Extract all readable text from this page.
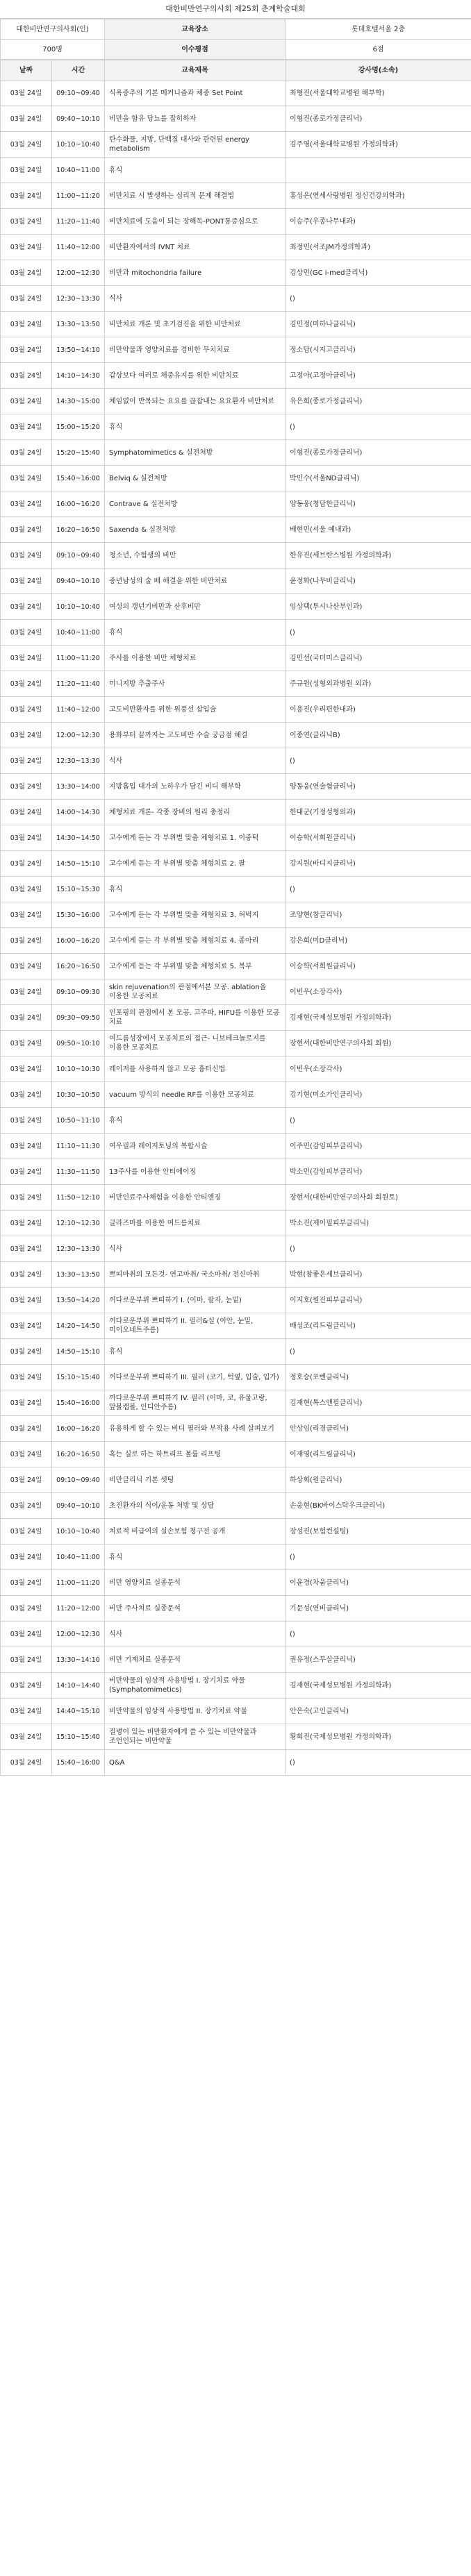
대한비만연구의사회 제25회 춘계학술대회
대한비만연구의사회(인)	교육장소	롯데호텔서울 2층
700명	이수평점	6점
날짜	시간	교육제목	강사명(소속)
03월 24일	09:10~09:40	식욕중추의 기본 메커니즘과 체중 Set Point	최형진(서울대학교병원 해부학)
03월 24일	09:40~10:10	비만을 함유 당뇨를 잡히하자	이형진(종로가정클리닉)
03월 24일	10:10~10:40	탄수화물, 지방, 단백질 대사와 관련된 energy metabolism	김주영(서울대학교병원 가정의학과)
03월 24일	10:40~11:00	휴식	
03월 24일	11:00~11:20	비만치료 시 발생하는 심리적 문제 해결법	홍성은(연세사랑병원 정신건강의학과)
03월 24일	11:20~11:40	비만치료에 도움이 되는 장해독-PONT통증심으로	이승주(우종나무내과)
03월 24일	11:40~12:00	비만환자에서의 IVNT 치료	최정민(서조JM가정의학과)
03월 24일	12:00~12:30	비만과 mitochondria failure	김상민(GC i-med클리닉)
03월 24일	12:30~13:30	식사	()
03월 24일	13:30~13:50	비만치료 개론 및 초기검진을 위한 비만처료	김민정(미하나클리닉)
03월 24일	13:50~14:10	비만약물과 영양치료를 겸비한 무치치료	정소담(시지고클리닉)
03월 24일	14:10~14:30	갑상보다 여러로 체중유지를 위한 비만치료	고정아(고정아클리닉)
03월 24일	14:30~15:00	체임없이 반복되는 요요를 끊잡내는 요요환자 비만처료	유은희(종로가정클리닉)
03월 24일	15:00~15:20	휴식	()
03월 24일	15:20~15:40	Symphatomimetics & 실전처방	이형진(종로가정클리닉)
03월 24일	15:40~16:00	Belviq & 실전처방	박민수(서울ND클리닉)
03월 24일	16:00~16:20	Contrave & 실전처방	양동웅(청담한클리닉)
03월 24일	16:20~16:50	Saxenda & 실전처방	배현민(서울 예내과)
03월 24일	09:10~09:40	청소년, 수험생의 비만	한유진(세브란스병원 가정의학과)
03월 24일	09:40~10:10	중년남성의 술 배 해결을 위한 비만처료	윤정화(나무비클리닉)
03월 24일	10:10~10:40	여성의 갱년기비만과 산후비만	임상택(투시나산부인과)
03월 24일	10:40~11:00	휴식	()
03월 24일	11:00~11:20	주사를 이용한 비만 체형치료	김민선(국더미스클리닉)
03월 24일	11:20~11:40	미니지방 추출주사	주규원(성형외과병원 외과)
03월 24일	11:40~12:00	고도비만환자를 위한 위풍선 삽입술	이용진(우리편한내과)
03월 24일	12:00~12:30	용화부터 끝까지는 고도비만 수술 궁금점 해결	이종연(클리닉B)
03월 24일	12:30~13:30	식사	()
03월 24일	13:30~14:00	지방흡입 대가의 노하우가 담긴 비디 해부학	양동웅(연술협클리닉)
03월 24일	14:00~14:30	체형치료 개론- 각종 장비의 원리 총정리	한대군(기정성형외과)
03월 24일	14:30~14:50	고수에게 듣는 각 부위별 맞춤 체형치료 1. 이중턱	이승학(서희원클리닉)
03월 24일	14:50~15:10	고수에게 듣는 각 부위별 맞춤 체형치료 2. 팔	강지원(바디지클리닉)
03월 24일	15:10~15:30	휴식	()
03월 24일	15:30~16:00	고수에게 듣는 각 부위별 맞춤 체형치료 3. 허벅지	조양현(참클리닉)
03월 24일	16:00~16:20	고수에게 듣는 각 부위별 맞춤 체형치료 4. 종아리	강은희(미D클리닉)
03월 24일	16:20~16:50	고수에게 듣는 각 부위별 맞춤 체형치료 5. 복부	이승학(서희원클리닉)
03월 24일	09:10~09:30	skin rejuvenation의 관점에서본 모공. ablation을 이용한 모공치료	이빈우(소장각사)
03월 24일	09:30~09:50	인포핑의 관점에서 본 모공. 고주파, HIFU를 이용한 모공 치료	김재현(국제성모병원 가정의학과)
03월 24일	09:50~10:10	여드름성장에서 모공치료의 접근- 니보테크놀로지를 이용한 모공치료	장현서(대한비만연구의사회 회원)
03월 24일	10:10~10:30	레이저를 사용하지 않고 모공 흉터신법	이빈우(소장각사)
03월 24일	10:30~10:50	vacuum 방식의 needle RF를 이용한 모공치료	김기현(미소가인클리닉)
03월 24일	10:50~11:10	휴식	()
03월 24일	11:10~11:30	여우필과 레이저토닝의 복합시술	이주민(감임피부클리닉)
03월 24일	11:30~11:50	13주사를 이용한 안티에이징	박소민(감임피부클리닉)
03월 24일	11:50~12:10	비만인료주사체험을 이용한 안티엔징	장현서(대한비만연구의사회 회원토)
03월 24일	12:10~12:30	클라즈마를 이용한 여드름치료	박소진(제이필피부클리닉)
03월 24일	12:30~13:30	식사	()
03월 24일	13:30~13:50	쁘띠마취의 모든것- 연고마취/ 국소마취/ 전신마취	박현(참좋은세브클리닉)
03월 24일	13:50~14:20	꺼다로운부위 쁘띠하기 I. (이마, 팔자, 눈밑)	이지호(원진피부클리닉)
03월 24일	14:20~14:50	꺼다로운부위 쁘띠하기 II. 필러&실 (이안, 눈밑, 미이오네트주름)	배성조(리드림클리닉)
03월 24일	14:50~15:10	휴식	()
03월 24일	15:10~15:40	꺼다로운부위 쁘띠하기 III. 필러 (코기, 턱옆, 입술, 입가)	정호승(포벤클리닉)
03월 24일	15:40~16:00	까다로운부위 쁘띠하기 IV. 필러 (이마, 코, 유물고랑, 앞볼캡볼, 인디안주름)	김재현(톡스앤필클리닉)
03월 24일	16:00~16:20	유용하게 할 수 있는 비디 필러와 부작용 사례 살펴보기	안상임(리경클리닉)
03월 24일	16:20~16:50	혹는 실로 하는 하트리프 볼륨 리프팅	이재영(리드림클리닉)
03월 24일	09:10~09:40	비만클리닉 기본 셋팅	하상희(원클리닉)
03월 24일	09:40~10:10	초진환자의 식이/운동 처방 및 상담	손웅현(BK바이스탁우크클리닉)
03월 24일	10:10~10:40	치료적 비급여의 실손보험 청구전 공개	장성진(보험컨설팅)
03월 24일	10:40~11:00	휴식	()
03월 24일	11:00~11:20	비만 영양치료 실종문석	이윤경(차움클리닉)
03월 24일	11:20~12:00	비만 주사치료 실종문석	기문성(연비클리닉)
03월 24일	12:00~12:30	식사	()
03월 24일	13:30~14:10	비만 기계치료 실종문석	권유정(스무살클리닉)
03월 24일	14:10~14:40	비만약물의 임상적 사용방법 I. 장기치료 약물(Symphatomimetics)	김재현(국제성모병원 가정의학과)
03월 24일	14:40~15:10	비만약물의 임상적 사용방법 II. 장기치료 약물	안은숙(고인클리닉)
03월 24일	15:10~15:40	질병이 있는 비만환자에게 쓸 수 있는 비만약물과 조언인되는 비만약물	황희진(국제성모병원 가정의학과)
03월 24일	15:40~16:00	Q&A	()
